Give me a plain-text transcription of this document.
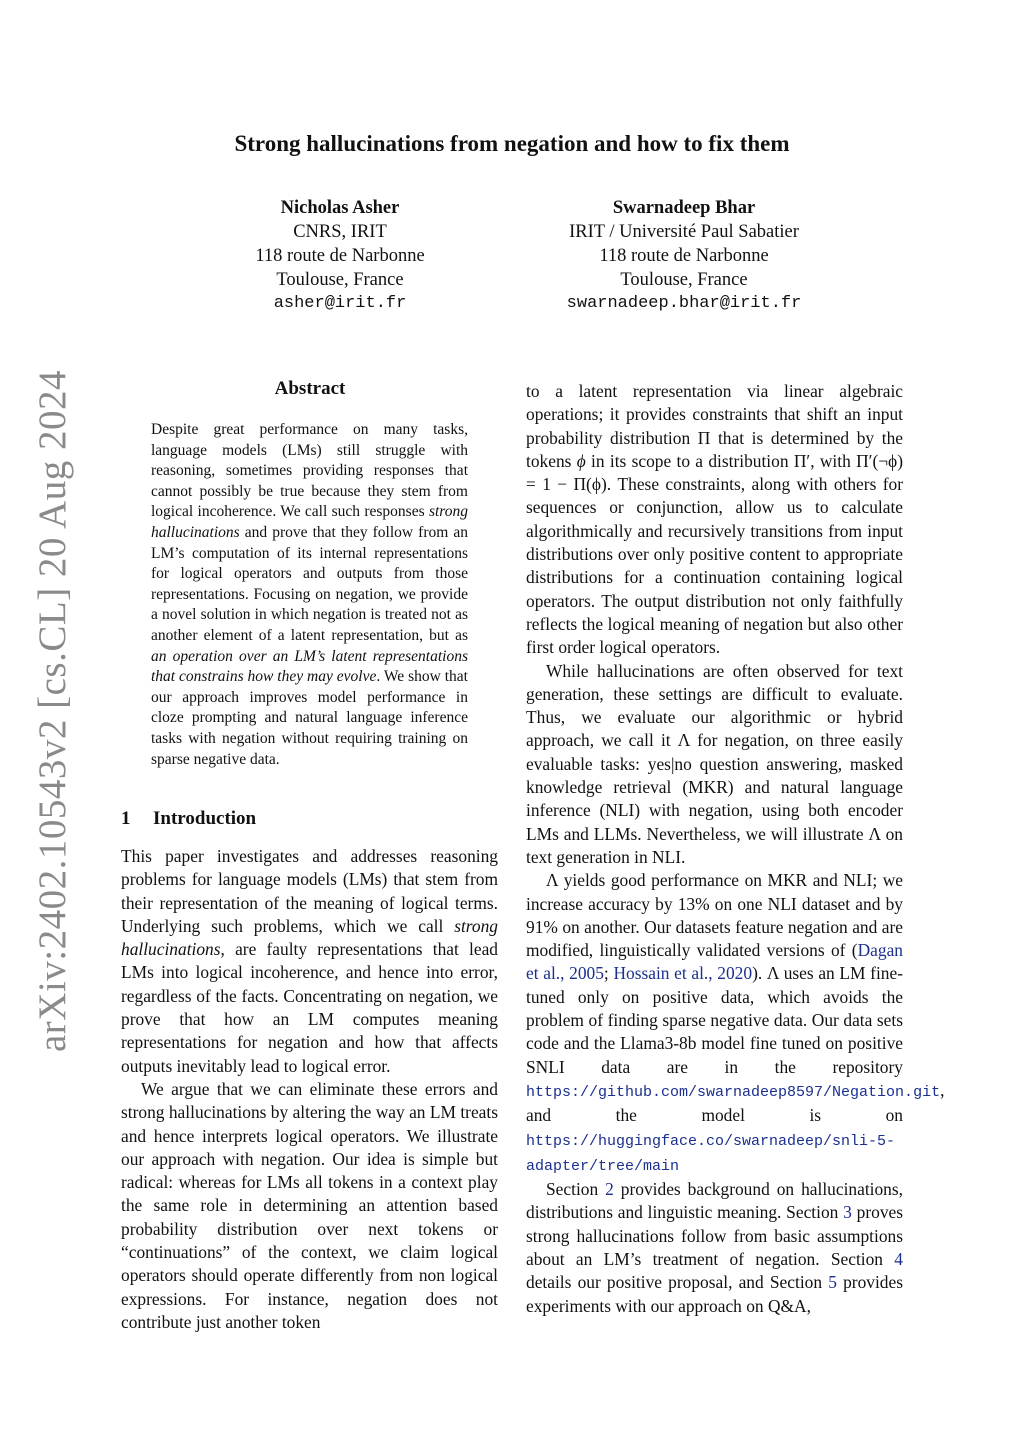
arXiv:2402.10543v2 [cs.CL] 20 Aug 2024
Strong hallucinations from negation and how to fix them
Nicholas Asher
CNRS, IRIT
118 route de Narbonne
Toulouse, France
asher@irit.fr
Swarnadeep Bhar
IRIT / Université Paul Sabatier
118 route de Narbonne
Toulouse, France
swarnadeep.bhar@irit.fr
Abstract
Despite great performance on many tasks, language models (LMs) still struggle with reasoning, sometimes providing responses that cannot possibly be true because they stem from logical incoherence. We call such responses strong hallucinations and prove that they follow from an LM’s computation of its internal representations for logical operators and outputs from those representations. Focusing on negation, we provide a novel solution in which negation is treated not as another element of a latent representation, but as an operation over an LM’s latent representations that constrains how they may evolve. We show that our approach improves model performance in cloze prompting and natural language inference tasks with negation without requiring training on sparse negative data.
1 Introduction

This paper investigates and addresses reasoning problems for language models (LMs) that stem from their representation of the meaning of logical terms. Underlying such problems, which we call strong hallucinations, are faulty representations that lead LMs into logical incoherence, and hence into error, regardless of the facts. Concentrating on negation, we prove that how an LM computes meaning representations for negation and how that affects outputs inevitably lead to logical error.

We argue that we can eliminate these errors and strong hallucinations by altering the way an LM treats and hence interprets logical operators. We illustrate our approach with negation. Our idea is simple but radical: whereas for LMs all tokens in a context play the same role in determining an attention based probability distribution over next tokens or “continuations” of the context, we claim logical operators should operate differently from non logical expressions. For instance, negation does not contribute just another token

to a latent representation via linear algebraic operations; it provides constraints that shift an input probability distribution Π that is determined by the tokens ϕ in its scope to a distribution Π′, with Π′(¬ϕ) = 1 − Π(ϕ). These constraints, along with others for sequences or conjunction, allow us to calculate algorithmically and recursively transitions from input distributions over only positive content to appropriate distributions for a continuation containing logical operators. The output distribution not only faithfully reflects the logical meaning of negation but also other first order logical operators.

While hallucinations are often observed for text generation, these settings are difficult to evaluate. Thus, we evaluate our algorithmic or hybrid approach, we call it Λ for negation, on three easily evaluable tasks: yes|no question answering, masked knowledge retrieval (MKR) and natural language inference (NLI) with negation, using both encoder LMs and LLMs. Nevertheless, we will illustrate Λ on text generation in NLI.

Λ yields good performance on MKR and NLI; we increase accuracy by 13% on one NLI dataset and by 91% on another. Our datasets feature negation and are modified, linguistically validated versions of (Dagan et al., 2005; Hossain et al., 2020). Λ uses an LM fine-tuned only on positive data, which avoids the problem of finding sparse negative data. Our data sets code and the Llama3-8b model fine tuned on positive SNLI data are in the repository https://github.com/swarnadeep8597/Negation.git, and the model is on https://huggingface.co/swarnadeep/snli-5-adapter/tree/main

Section 2 provides background on hallucinations, distributions and linguistic meaning. Section 3 proves strong hallucinations follow from basic assumptions about an LM’s treatment of negation. Section 4 details our positive proposal, and Section 5 provides experiments with our approach on Q&A,
